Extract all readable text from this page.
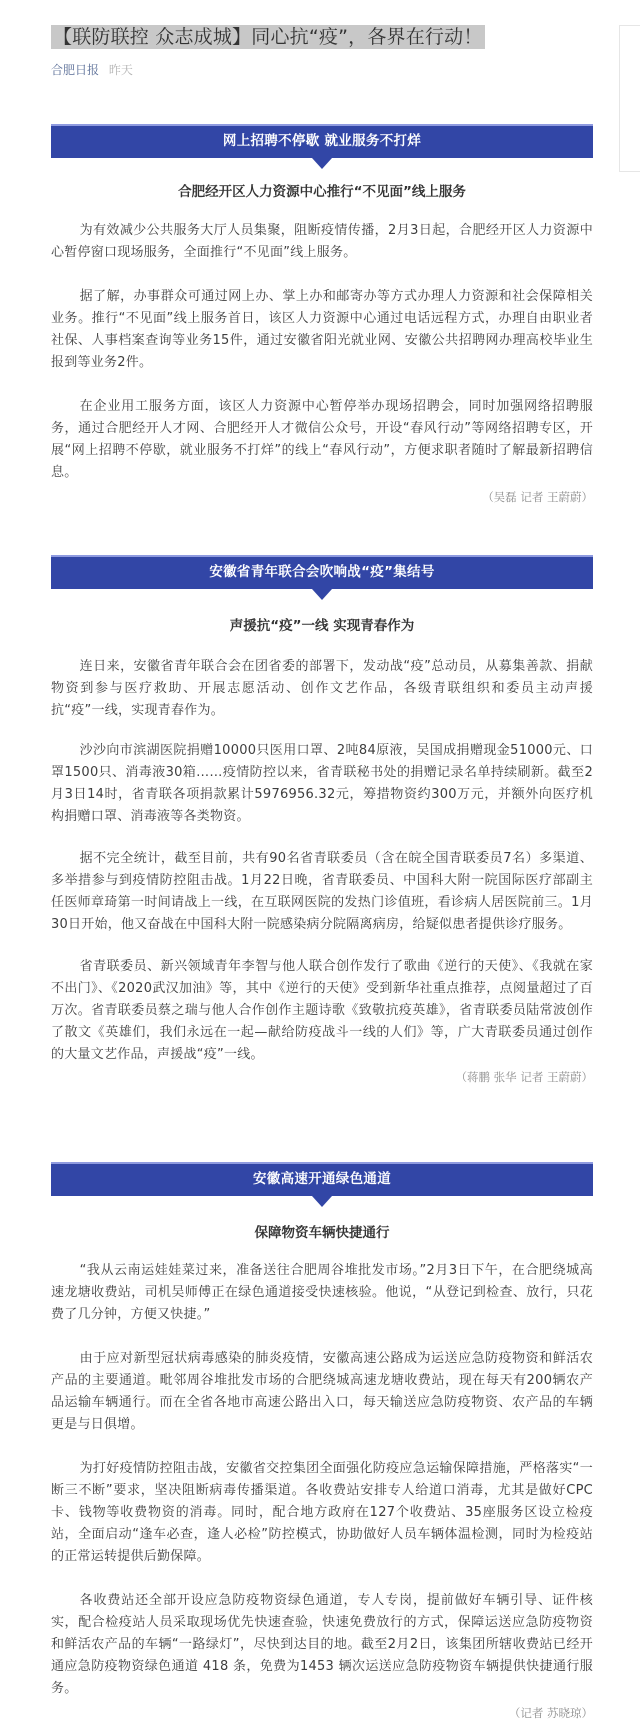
【联防联控 众志成城】同心抗“疫”，各界在行动！
合肥日报 昨天
网上招聘不停歇 就业服务不打烊
合肥经开区人力资源中心推行“不见面”线上服务

为有效减少公共服务大厅人员集聚，阻断疫情传播，2月3日起，合肥经开区人力资源中心暂停窗口现场服务，全面推行“不见面”线上服务。

据了解，办事群众可通过网上办、掌上办和邮寄办等方式办理人力资源和社会保障相关业务。推行“不见面”线上服务首日，该区人力资源中心通过电话远程方式，办理自由职业者社保、人事档案查询等业务15件，通过安徽省阳光就业网、安徽公共招聘网办理高校毕业生报到等业务2件。

在企业用工服务方面，该区人力资源中心暂停举办现场招聘会，同时加强网络招聘服务，通过合肥经开人才网、合肥经开人才微信公众号，开设“春风行动”等网络招聘专区，开展“网上招聘不停歇，就业服务不打烊”的线上“春风行动”，方便求职者随时了解最新招聘信息。

（吴磊 记者 王蔚蔚）
安徽省青年联合会吹响战“疫”集结号
声援抗“疫”一线 实现青春作为

连日来，安徽省青年联合会在团省委的部署下，发动战“疫”总动员，从募集善款、捐献物资到参与医疗救助、开展志愿活动、创作文艺作品，各级青联组织和委员主动声援抗“疫”一线，实现青春作为。

沙沙向市滨湖医院捐赠10000只医用口罩、2吨84原液，吴国成捐赠现金51000元、口罩1500只、消毒液30箱……疫情防控以来，省青联秘书处的捐赠记录名单持续刷新。截至2月3日14时，省青联各项捐款累计5976956.32元，筹措物资约300万元，并额外向医疗机构捐赠口罩、消毒液等各类物资。

据不完全统计，截至目前，共有90名省青联委员（含在皖全国青联委员7名）多渠道、多举措参与到疫情防控阻击战。1月22日晚，省青联委员、中国科大附一院国际医疗部副主任医师章琦第一时间请战上一线，在互联网医院的发热门诊值班，看诊病人居医院前三。1月30日开始，他又奋战在中国科大附一院感染病分院隔离病房，给疑似患者提供诊疗服务。

省青联委员、新兴领域青年李智与他人联合创作发行了歌曲《逆行的天使》、《我就在家不出门》、《2020武汉加油》等，其中《逆行的天使》受到新华社重点推荐，点阅量超过了百万次。省青联委员蔡之瑞与他人合作创作主题诗歌《致敬抗疫英雄》，省青联委员陆常波创作了散文《英雄们，我们永远在一起—献给防疫战斗一线的人们》等，广大青联委员通过创作的大量文艺作品，声援战“疫”一线。

（蒋鹏 张华 记者 王蔚蔚）
安徽高速开通绿色通道
保障物资车辆快捷通行

“我从云南运娃娃菜过来，准备送往合肥周谷堆批发市场。”2月3日下午，在合肥绕城高速龙塘收费站，司机吴师傅正在绿色通道接受快速核验。他说，“从登记到检查、放行，只花费了几分钟，方便又快捷。”

由于应对新型冠状病毒感染的肺炎疫情，安徽高速公路成为运送应急防疫物资和鲜活农产品的主要通道。毗邻周谷堆批发市场的合肥绕城高速龙塘收费站，现在每天有200辆农产品运输车辆通行。而在全省各地市高速公路出入口，每天输送应急防疫物资、农产品的车辆更是与日俱增。

为打好疫情防控阻击战，安徽省交控集团全面强化防疫应急运输保障措施，严格落实“一断三不断”要求，坚决阻断病毒传播渠道。各收费站安排专人给道口消毒，尤其是做好CPC卡、钱物等收费物资的消毒。同时，配合地方政府在127个收费站、35座服务区设立检疫站，全面启动“逢车必查，逢人必检”防控模式，协助做好人员车辆体温检测，同时为检疫站的正常运转提供后勤保障。

各收费站还全部开设应急防疫物资绿色通道，专人专岗，提前做好车辆引导、证件核实，配合检疫站人员采取现场优先快速查验，快速免费放行的方式，保障运送应急防疫物资和鲜活农产品的车辆“一路绿灯”，尽快到达目的地。截至2月2日，该集团所辖收费站已经开通应急防疫物资绿色通道 418 条，免费为1453 辆次运送应急防疫物资车辆提供快捷通行服务。

（记者 苏晓琼）
